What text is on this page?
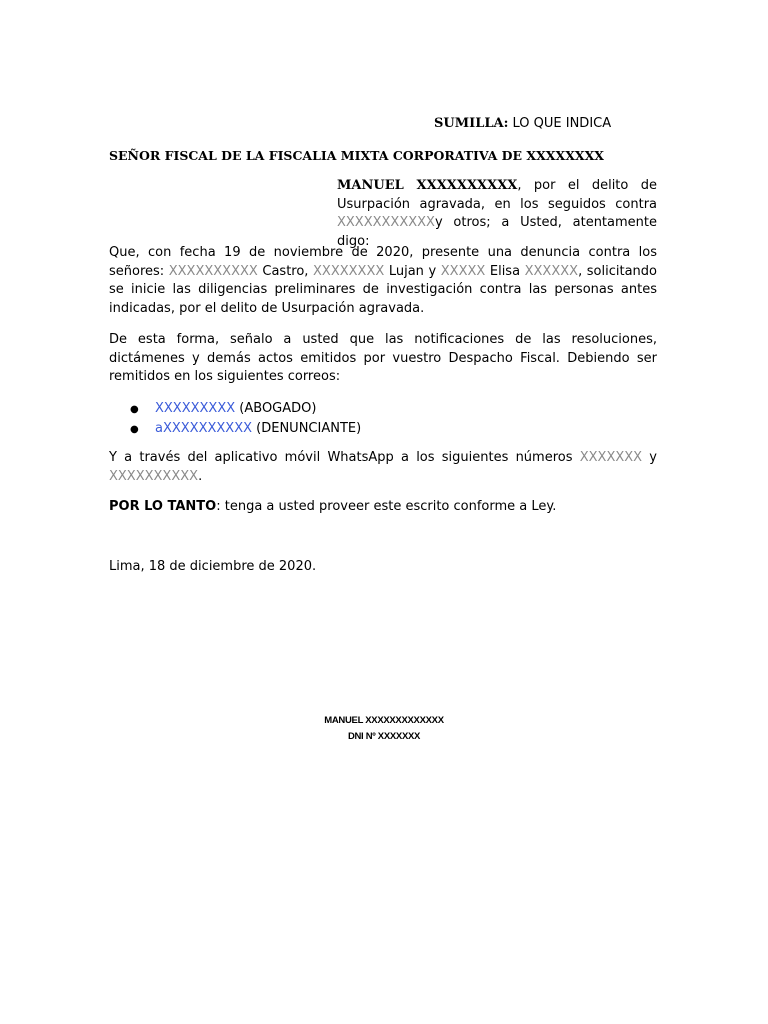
SUMILLA: LO QUE INDICA
SEÑOR FISCAL DE LA FISCALIA MIXTA CORPORATIVA DE XXXXXXXX
MANUEL XXXXXXXXXX, por el delito de Usurpación agravada, en los seguidos contra XXXXXXXXXXXy otros; a Usted, atentamente digo:

Que, con fecha 19 de noviembre de 2020, presente una denuncia contra los señores: XXXXXXXXXX Castro, XXXXXXXX Lujan y XXXXX Elisa XXXXXX, solicitando se inicie las diligencias preliminares de investigación contra las personas antes indicadas, por el delito de Usurpación agravada.

De esta forma, señalo a usted que las notificaciones de las resoluciones, dictámenes y demás actos emitidos por vuestro Despacho Fiscal. Debiendo ser remitidos en los siguientes correos:

● XXXXXXXXX (ABOGADO)
● aXXXXXXXXXX (DENUNCIANTE)

Y a través del aplicativo móvil WhatsApp a los siguientes números XXXXXXX y XXXXXXXXXX.

POR LO TANTO: tenga a usted proveer este escrito conforme a Ley.

Lima, 18 de diciembre de 2020.
MANUEL XXXXXXXXXXXXX
DNI Nº XXXXXXX
